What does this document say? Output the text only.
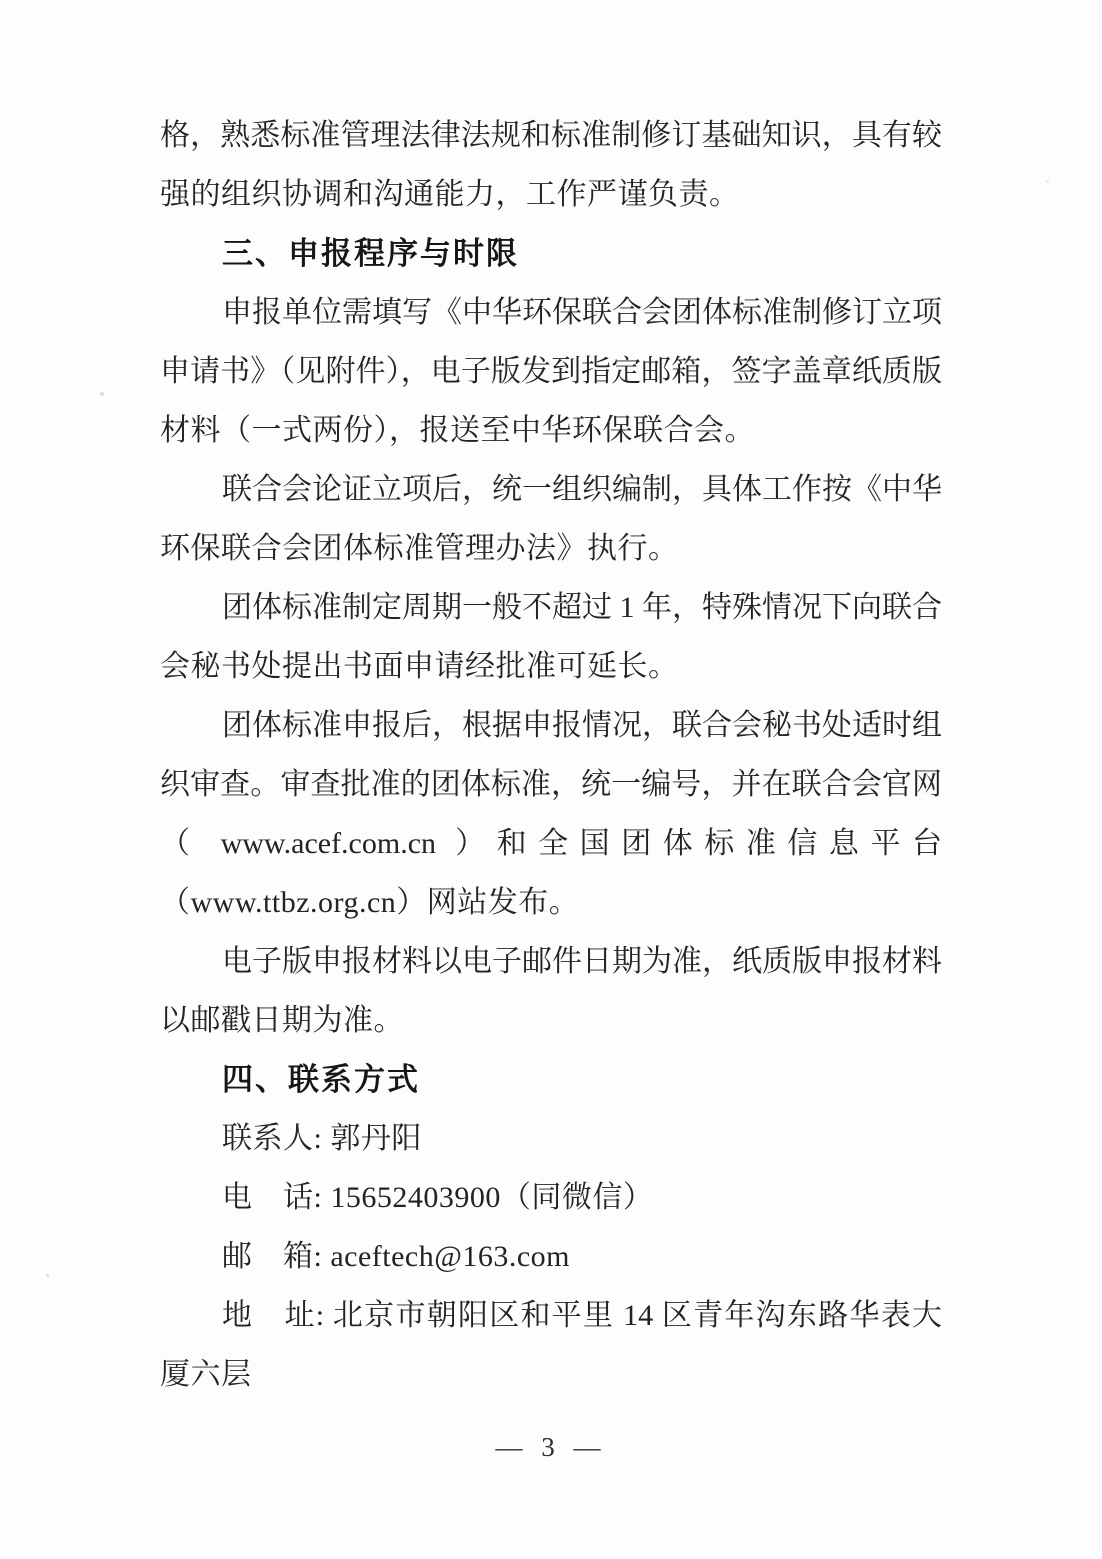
格，熟悉标准管理法律法规和标准制修订基础知识，具有较
强的组织协调和沟通能力，工作严谨负责。
三、申报程序与时限
申报单位需填写《中华环保联合会团体标准制修订立项
申请书》（见附件），电子版发到指定邮箱，签字盖章纸质版
材料（一式两份），报送至中华环保联合会。
联合会论证立项后，统一组织编制，具体工作按《中华
环保联合会团体标准管理办法》执行。
团体标准制定周期一般不超过 1 年，特殊情况下向联合
会秘书处提出书面申请经批准可延长。
团体标准申报后，根据申报情况，联合会秘书处适时组
织审查。审查批准的团体标准，统一编号，并在联合会官网
（ www.acef.com.cn ）和全国团体标准信息平台
（www.ttbz.org.cn）网站发布。
电子版申报材料以电子邮件日期为准，纸质版申报材料
以邮戳日期为准。
四、联系方式
联系人: 郭丹阳
电　话: 15652403900（同微信）
邮　箱: aceftech@163.com
地　址: 北京市朝阳区和平里 14 区青年沟东路华表大
厦六层
— 3 —
